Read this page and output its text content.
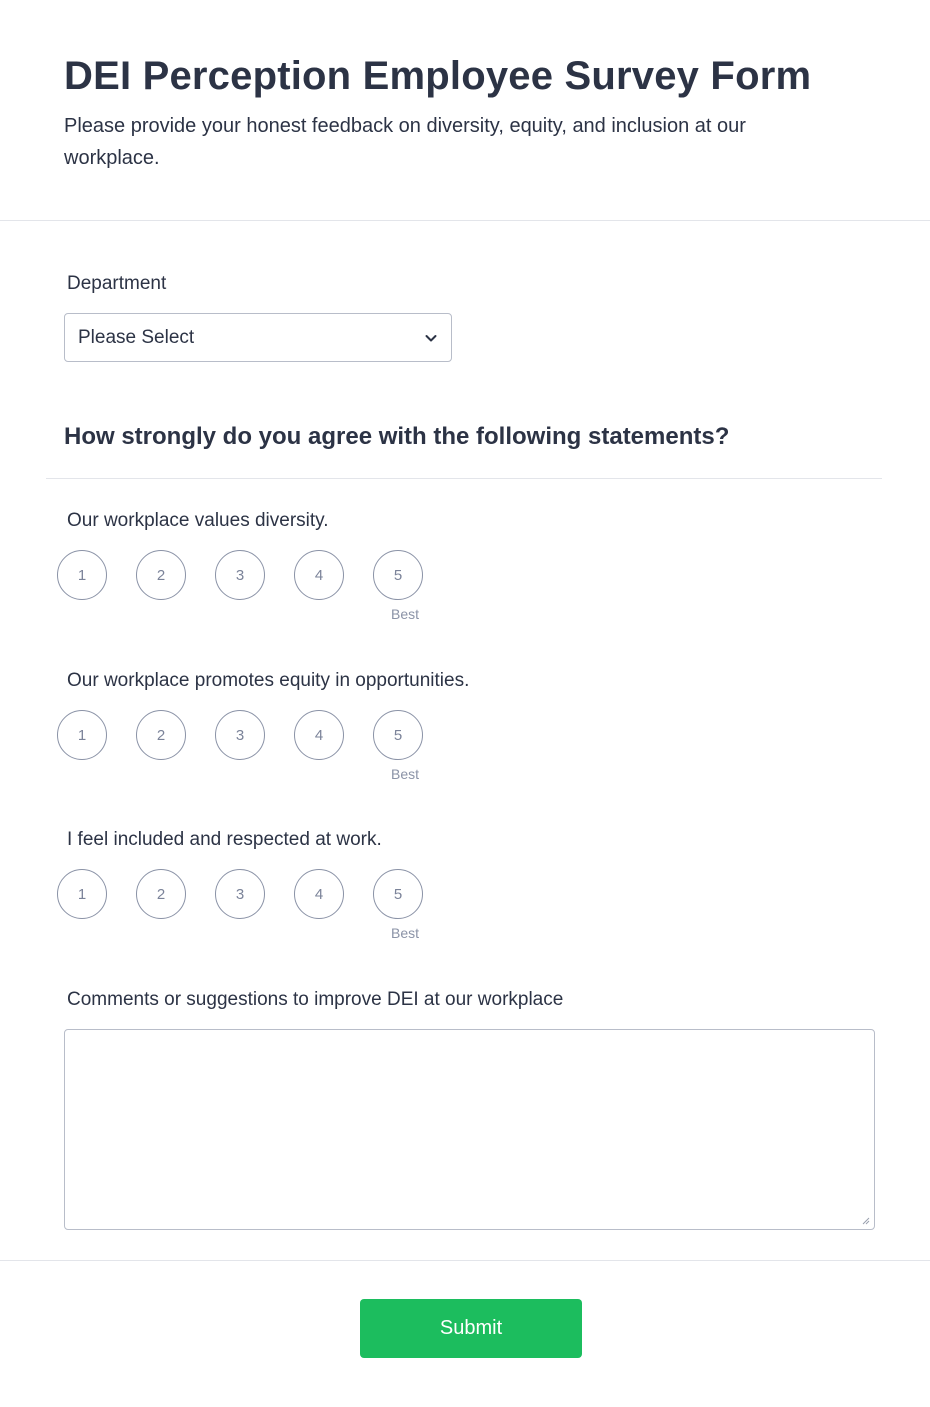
DEI Perception Employee Survey Form
Please provide your honest feedback on diversity, equity, and inclusion at our workplace.
Department
Please Select
How strongly do you agree with the following statements?
Our workplace values diversity.
1	2	3	4	5
Best
Our workplace promotes equity in opportunities.
1	2	3	4	5
Best
I feel included and respected at work.
1	2	3	4	5
Best
Comments or suggestions to improve DEI at our workplace
Submit
